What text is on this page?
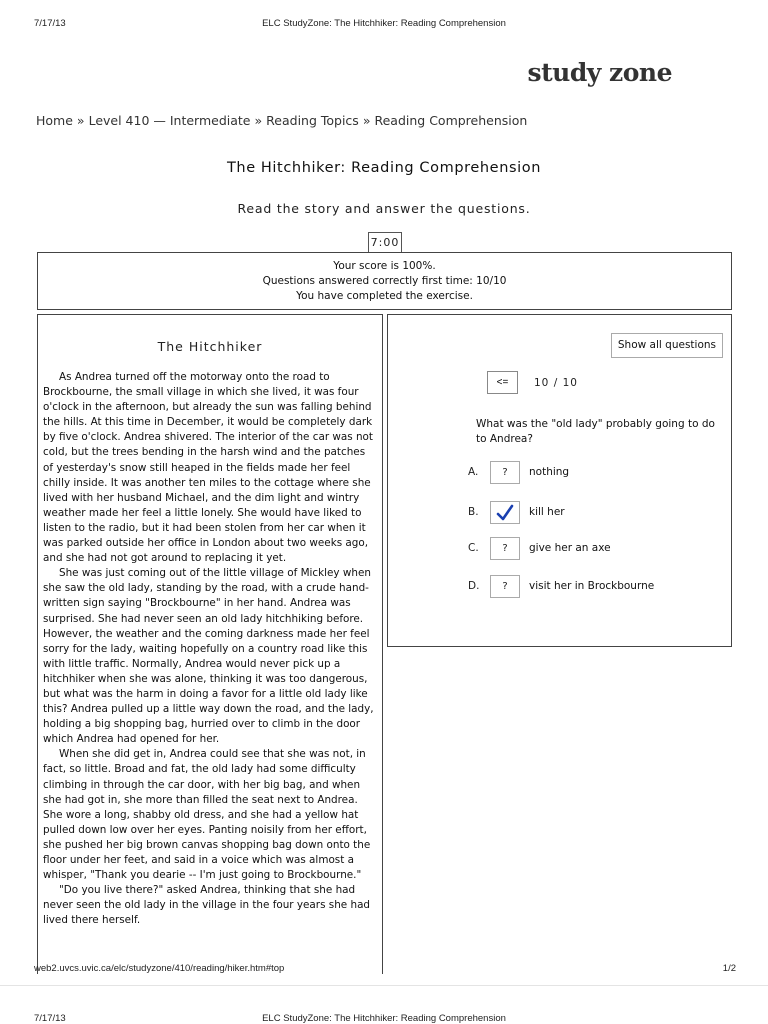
7/17/13	ELC StudyZone: The Hitchhiker: Reading Comprehension
study zone
Home » Level 410 — Intermediate » Reading Topics » Reading Comprehension
The Hitchhiker: Reading Comprehension
Read the story and answer the questions.
7:00
Your score is 100%.
Questions answered correctly first time: 10/10
You have completed the exercise.
The Hitchhiker

As Andrea turned off the motorway onto the road to Brockbourne, the small village in which she lived, it was four o'clock in the afternoon, but already the sun was falling behind the hills. At this time in December, it would be completely dark by five o'clock. Andrea shivered. The interior of the car was not cold, but the trees bending in the harsh wind and the patches of yesterday's snow still heaped in the fields made her feel chilly inside. It was another ten miles to the cottage where she lived with her husband Michael, and the dim light and wintry weather made her feel a little lonely. She would have liked to listen to the radio, but it had been stolen from her car when it was parked outside her office in London about two weeks ago, and she had not got around to replacing it yet.

She was just coming out of the little village of Mickley when she saw the old lady, standing by the road, with a crude hand-written sign saying "Brockbourne" in her hand. Andrea was surprised. She had never seen an old lady hitchhiking before. However, the weather and the coming darkness made her feel sorry for the lady, waiting hopefully on a country road like this with little traffic. Normally, Andrea would never pick up a hitchhiker when she was alone, thinking it was too dangerous, but what was the harm in doing a favor for a little old lady like this? Andrea pulled up a little way down the road, and the lady, holding a big shopping bag, hurried over to climb in the door which Andrea had opened for her.

When she did get in, Andrea could see that she was not, in fact, so little. Broad and fat, the old lady had some difficulty climbing in through the car door, with her big bag, and when she had got in, she more than filled the seat next to Andrea. She wore a long, shabby old dress, and she had a yellow hat pulled down low over her eyes. Panting noisily from her effort, she pushed her big brown canvas shopping bag down onto the floor under her feet, and said in a voice which was almost a whisper, "Thank you dearie -- I'm just going to Brockbourne."

"Do you live there?" asked Andrea, thinking that she had never seen the old lady in the village in the four years she had lived there herself.

Show all questions
<=	10 / 10
What was the "old lady" probably going to do to Andrea?
A.	?	nothing
B.	kill her
C.	?	give her an axe
D.	?	visit her in Brockbourne
web2.uvcs.uvic.ca/elc/studyzone/410/reading/hiker.htm#top	1/2
7/17/13	ELC StudyZone: The Hitchhiker: Reading Comprehension
